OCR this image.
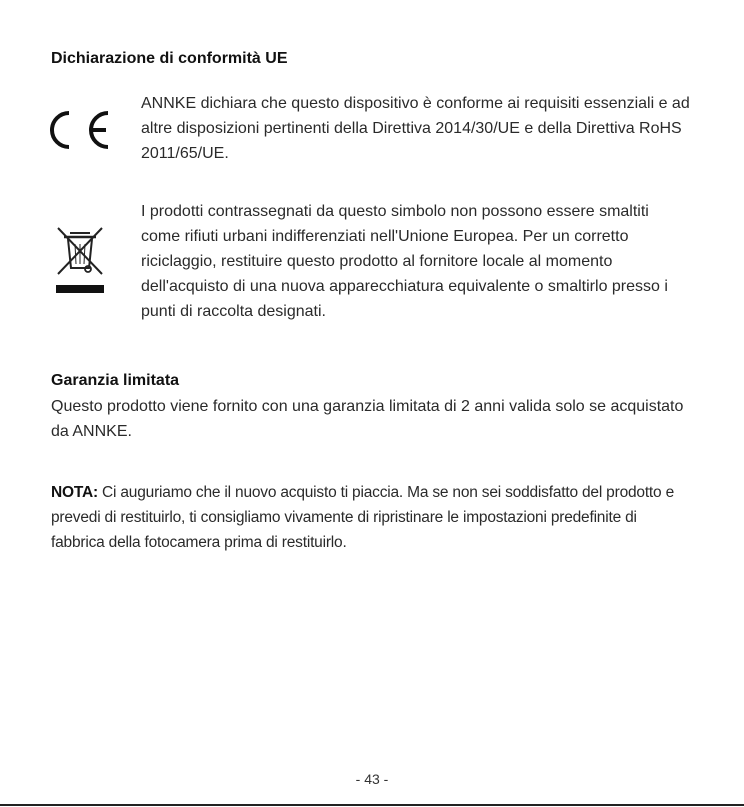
Dichiarazione di conformità UE

ANNKE dichiara che questo dispositivo è conforme ai requisiti essenziali e ad altre disposizioni pertinenti della Direttiva 2014/30/UE e della Direttiva RoHS 2011/65/UE.

I prodotti contrassegnati da questo simbolo non possono essere smaltiti come rifiuti urbani indifferenziati nell'Unione Europea. Per un corretto riciclaggio, restituire questo prodotto al fornitore locale al momento dell'acquisto di una nuova apparecchiatura equivalente o smaltirlo presso i punti di raccolta designati.

Garanzia limitata

Questo prodotto viene fornito con una garanzia limitata di 2 anni valida solo se acquistato da ANNKE.

NOTA: Ci auguriamo che il nuovo acquisto ti piaccia. Ma se non sei soddisfatto del prodotto e prevedi di restituirlo, ti consigliamo vivamente di ripristinare le impostazioni predefinite di fabbrica della fotocamera prima di restituirlo.

- 43 -
